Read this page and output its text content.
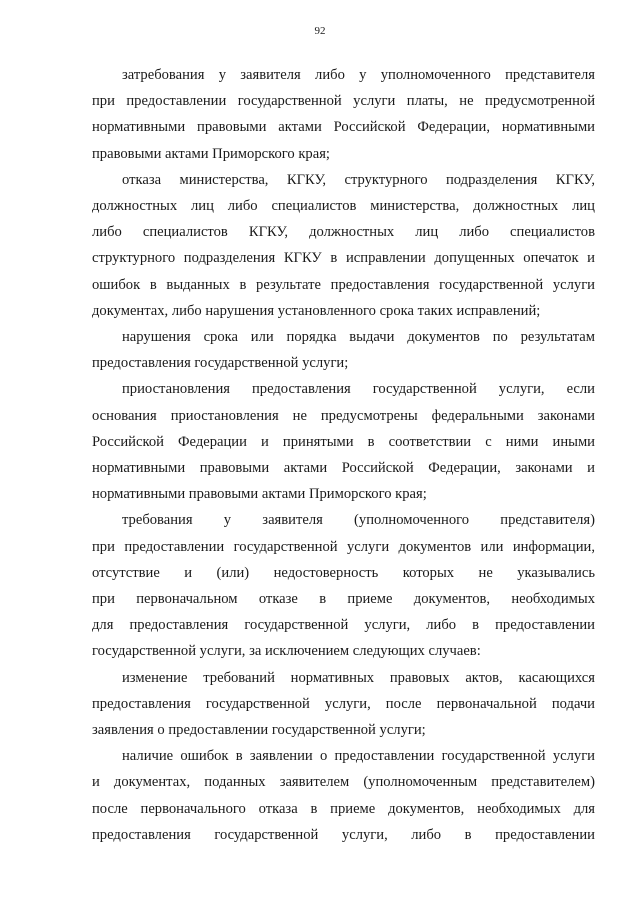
92

затребования у заявителя либо у уполномоченного представителя
при предоставлении государственной услуги платы, не предусмотренной
нормативными правовыми актами Российской Федерации, нормативными
правовыми актами Приморского края;

отказа министерства, КГКУ, структурного подразделения КГКУ,
должностных лиц либо специалистов министерства, должностных лиц
либо специалистов КГКУ, должностных лиц либо специалистов
структурного подразделения КГКУ в исправлении допущенных опечаток и
ошибок в выданных в результате предоставления государственной услуги
документах, либо нарушения установленного срока таких исправлений;

нарушения срока или порядка выдачи документов по результатам
предоставления государственной услуги;

приостановления предоставления государственной услуги, если
основания приостановления не предусмотрены федеральными законами
Российской Федерации и принятыми в соответствии с ними иными
нормативными правовыми актами Российской Федерации, законами и
нормативными правовыми актами Приморского края;

требования у заявителя (уполномоченного представителя)
при предоставлении государственной услуги документов или информации,
отсутствие и (или) недостоверность которых не указывались
при первоначальном отказе в приеме документов, необходимых
для предоставления государственной услуги, либо в предоставлении
государственной услуги, за исключением следующих случаев:

изменение требований нормативных правовых актов, касающихся
предоставления государственной услуги, после первоначальной подачи
заявления о предоставлении государственной услуги;

наличие ошибок в заявлении о предоставлении государственной услуги
и документах, поданных заявителем (уполномоченным представителем)
после первоначального отказа в приеме документов, необходимых для
предоставления государственной услуги, либо в предоставлении
